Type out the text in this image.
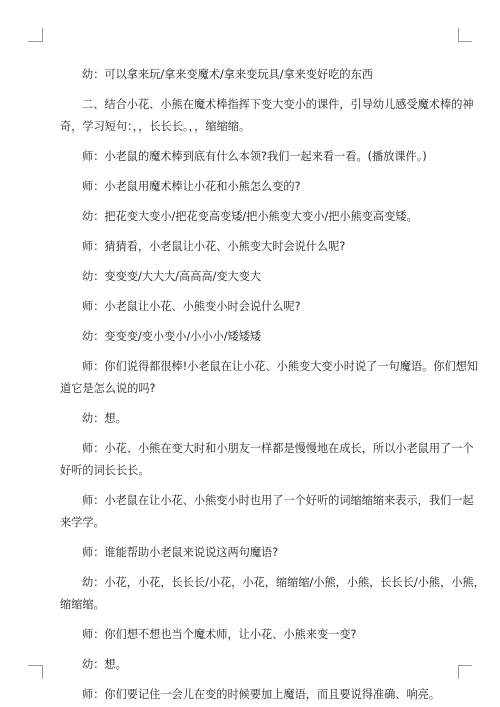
幼：可以拿来玩/拿来变魔术/拿来变玩具/拿来变好吃的东西
二、结合小花、小熊在魔术棒指挥下变大变小的课件，引导幼儿感受魔术棒的神
奇，学习短句：，，长长长。，，缩缩缩。
师：小老鼠的魔术棒到底有什么本领?我们一起来看一看。(播放课件。)
师：小老鼠用魔术棒让小花和小熊怎么变的?
幼：把花变大变小/把花变高变矮/把小熊变大变小/把小熊变高变矮。
师：猜猜看，小老鼠让小花、小熊变大时会说什么呢?
幼：变变变/大大大/高高高/变大变大
师：小老鼠让小花、小熊变小时会说什么呢?
幼：变变变/变小变小/小小小/矮矮矮
师：你们说得都很棒!小老鼠在让小花、小熊变大变小时说了一句魔语。你们想知
道它是怎么说的吗?
幼：想。
师：小花、小熊在变大时和小朋友一样都是慢慢地在成长，所以小老鼠用了一个
好听的词长长长。
师：小老鼠在让小花、小熊变小时也用了一个好听的词缩缩缩来表示，我们一起
来学学。
师：谁能帮助小老鼠来说说这两句魔语?
幼：小花，小花，长长长/小花，小花，缩缩缩/小熊，小熊，长长长/小熊，小熊，
缩缩缩。
师：你们想不想也当个魔术师，让小花、小熊来变一变?
幼：想。
师：你们要记住一会儿在变的时候要加上魔语，而且要说得准确、响亮。
